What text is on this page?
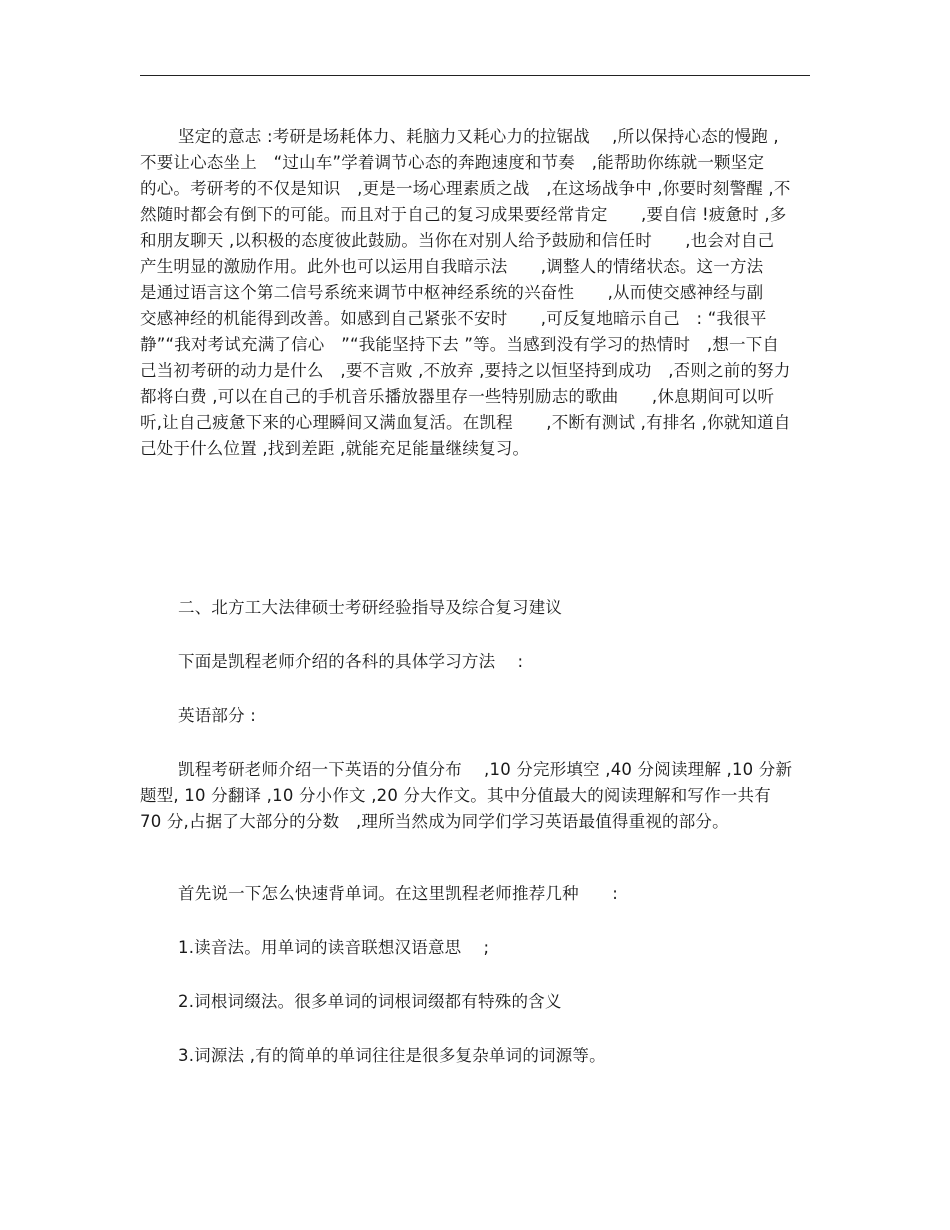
坚定的意志 :考研是场耗体力、耗脑力又耗心力的拉锯战　 ,所以保持心态的慢跑 ,
不要让心态坐上　“过山车”学着调节心态的奔跑速度和节奏　,能帮助你练就一颗坚定
的心。考研考的不仅是知识　,更是一场心理素质之战　,在这场战争中 ,你要时刻警醒 ,不
然随时都会有倒下的可能。而且对于自己的复习成果要经常肯定　　,要自信 !疲惫时 ,多
和朋友聊天 ,以积极的态度彼此鼓励。当你在对别人给予鼓励和信任时　　,也会对自己
产生明显的激励作用。此外也可以运用自我暗示法　　,调整人的情绪状态。这一方法
是通过语言这个第二信号系统来调节中枢神经系统的兴奋性　　,从而使交感神经与副
交感神经的机能得到改善。如感到自己紧张不安时　　,可反复地暗示自己　: “我很平
静”“我对考试充满了信心　”“我能坚持下去 ”等。当感到没有学习的热情时　,想一下自
己当初考研的动力是什么　,要不言败 ,不放弃 ,要持之以恒坚持到成功　,否则之前的努力
都将白费 ,可以在自己的手机音乐播放器里存一些特别励志的歌曲　　,休息期间可以听
听,让自己疲惫下来的心理瞬间又满血复活。在凯程　　,不断有测试 ,有排名 ,你就知道自
己处于什么位置 ,找到差距 ,就能充足能量继续复习。
二、北方工大法律硕士考研经验指导及综合复习建议
下面是凯程老师介绍的各科的具体学习方法　 :
英语部分 :
凯程考研老师介绍一下英语的分值分布　 ,10 分完形填空 ,40 分阅读理解 ,10 分新
题型, 10 分翻译 ,10 分小作文 ,20 分大作文。其中分值最大的阅读理解和写作一共有
70 分,占据了大部分的分数　,理所当然成为同学们学习英语最值得重视的部分。
首先说一下怎么快速背单词。在这里凯程老师推荐几种　　:
1.读音法。用单词的读音联想汉语意思　 ;
2.词根词缀法。很多单词的词根词缀都有特殊的含义
3.词源法 ,有的简单的单词往往是很多复杂单词的词源等。
